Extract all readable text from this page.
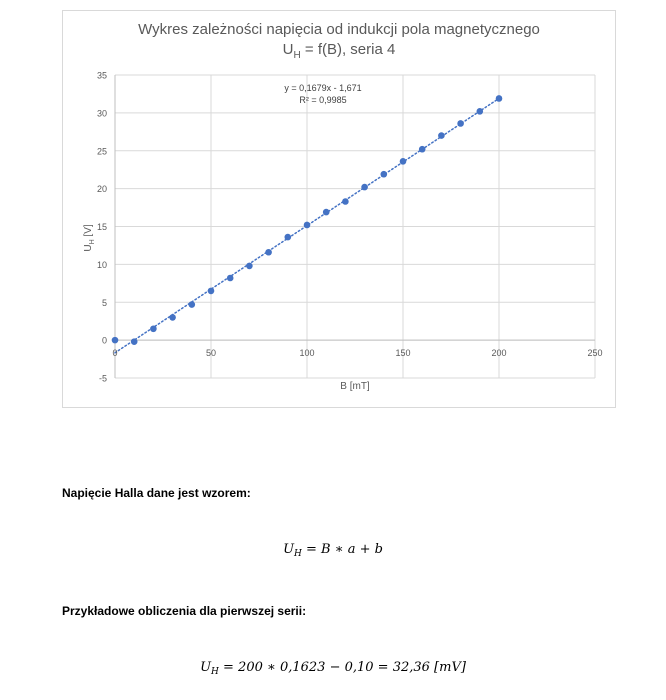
Wykres zależności napięcia od indukcji pola magnetycznego
$U_H = f(B)$, seria 4
-5
0
5
10
15
20
25
30
35
0	50	100	150	200	250
y = 0,1679x - 1,671
R² = 0,9985
B [mT]
$U_H$ [V]
Napięcie Halla dane jest wzorem:
$U_H = B$ ∗ a + b
Przykładowe obliczenia dla pierwszej serii:
$U_H = 200$ ∗ 0,1623 − 0,10 = 32,36 [mV]
